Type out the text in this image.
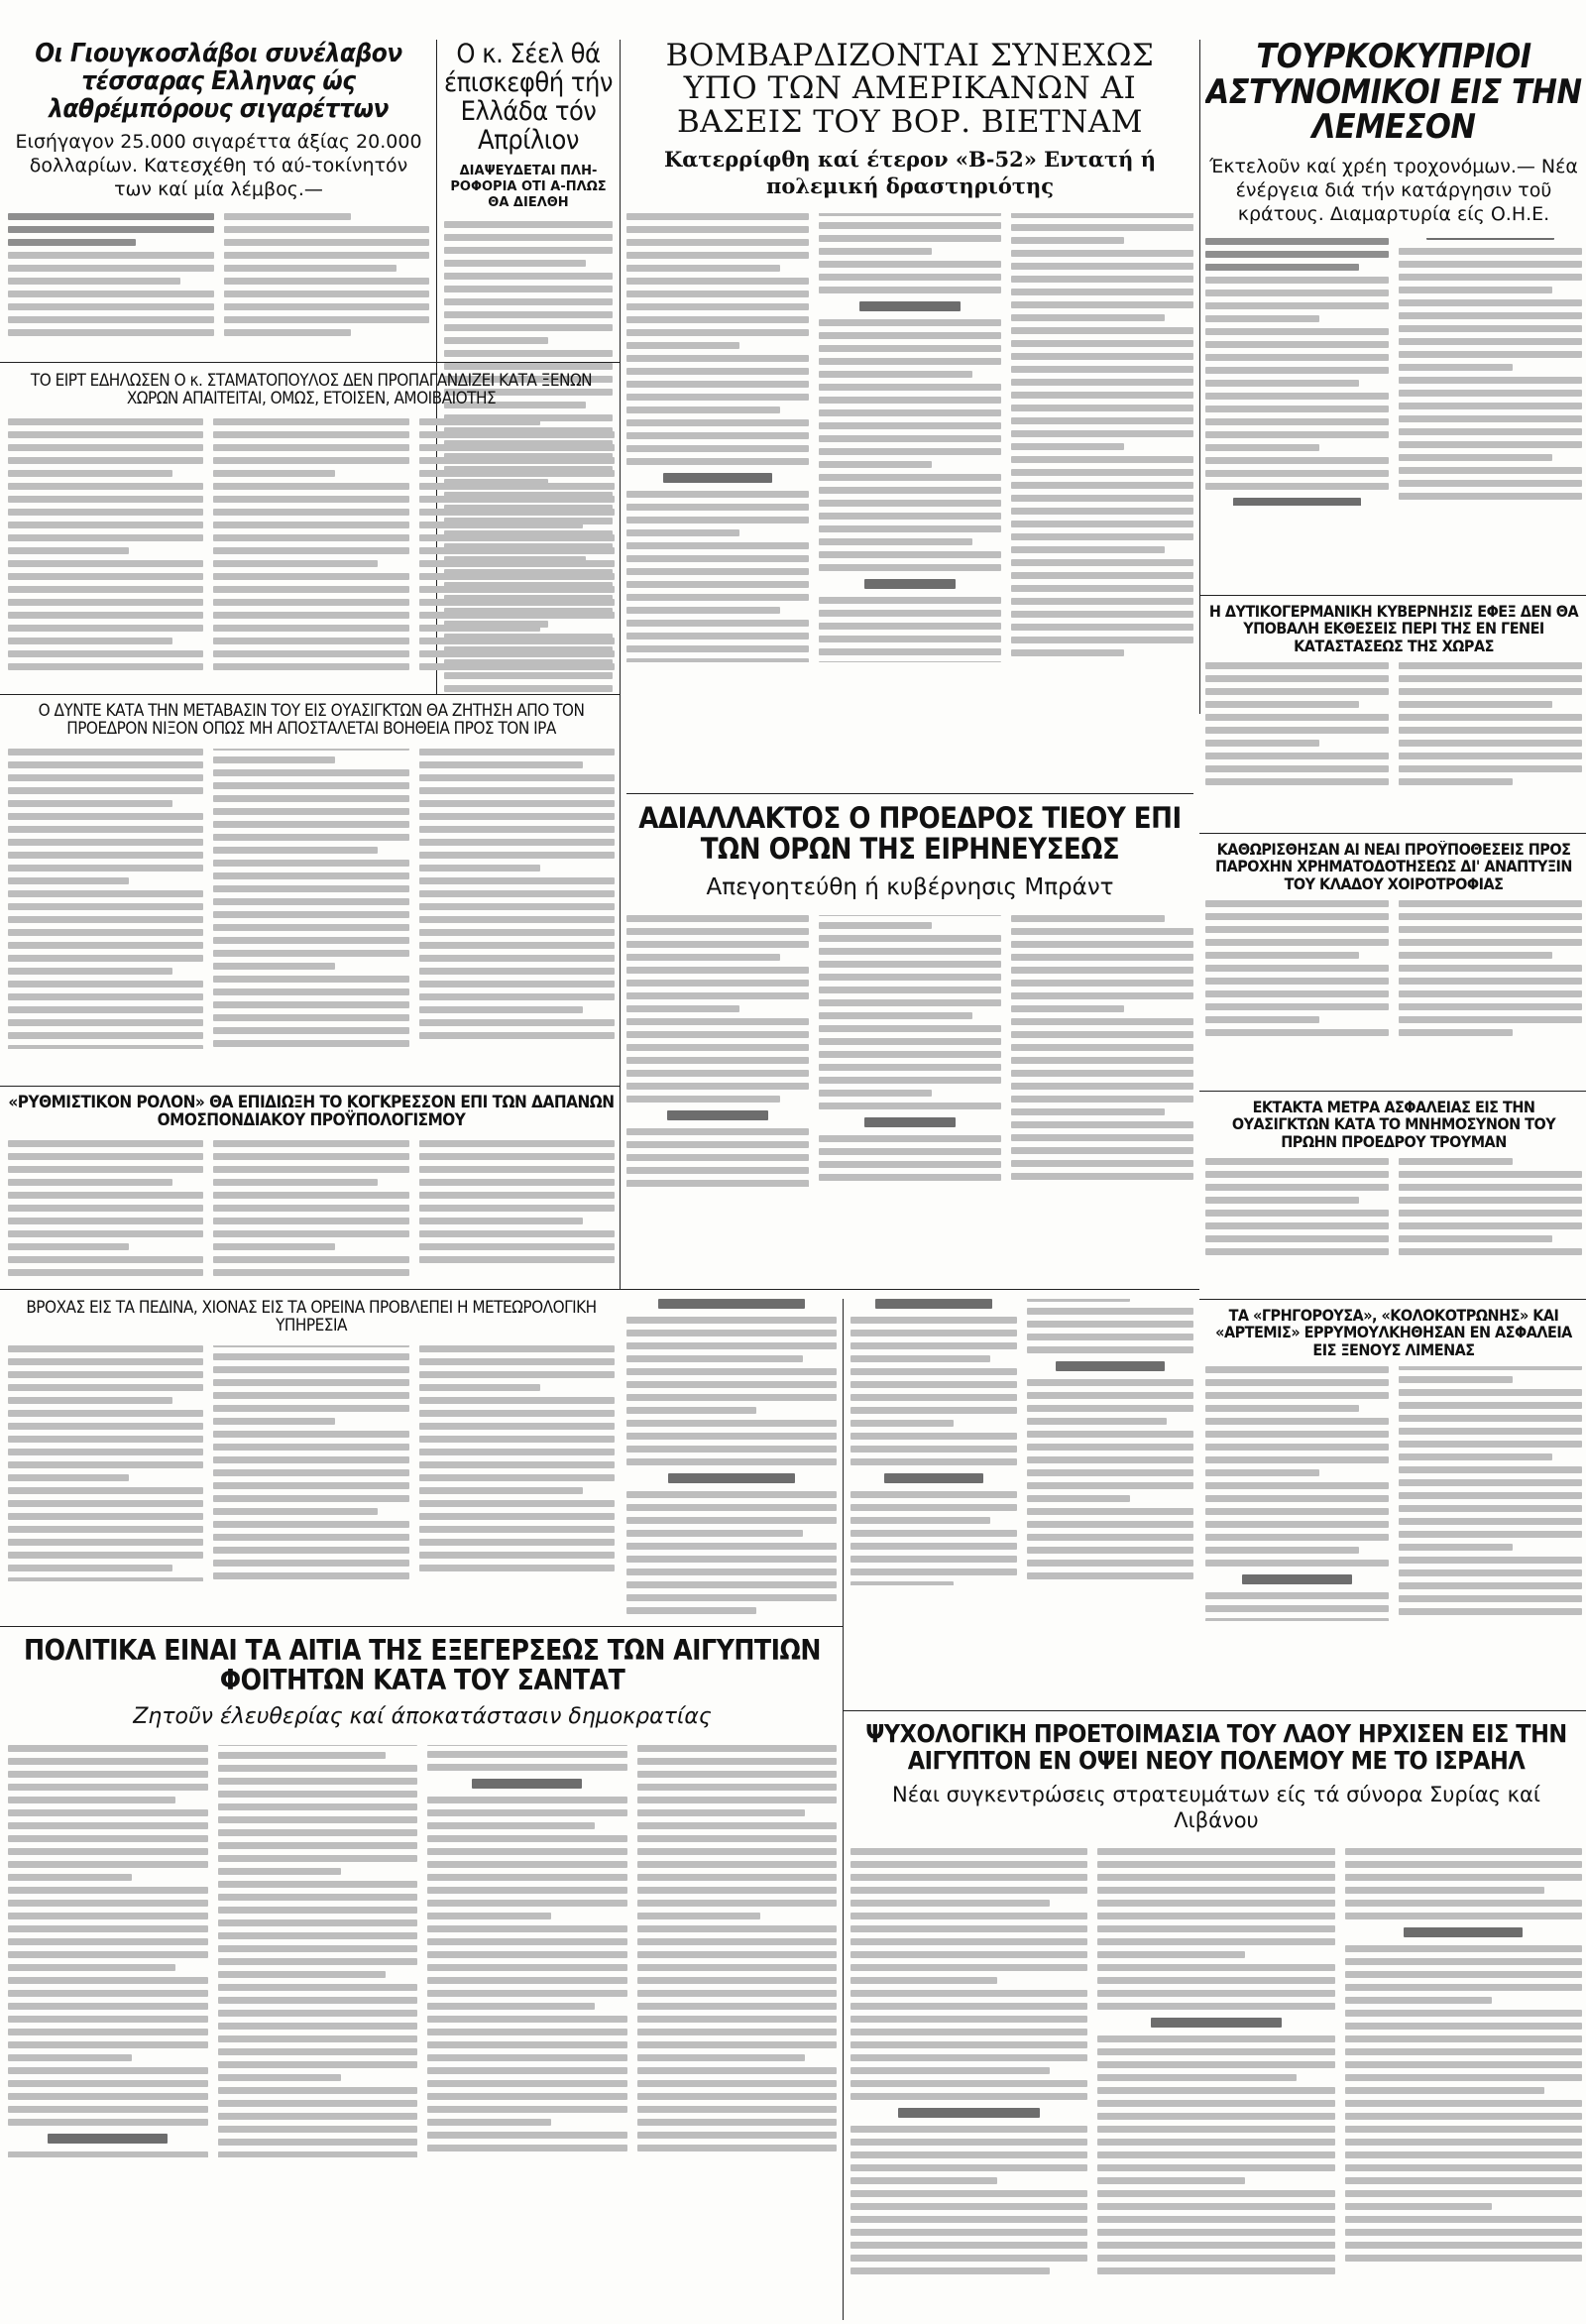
Οι Γιουγκοσλάβοι συνέλαβον τέσσαρας Ελληνας ώς λαθρέμπόρους σιγαρέττων

Εισήγαγον 25.000 σιγαρέττα άξίας 20.000 δολλαρίων. Κατεσχέθη τό αύ-τοκίνητόν των καί μία λέμβος.—

Ο κ. Σέελ θά έπισκεφθή τήν Ελλάδα τόν Απρίλιον

ΔΙΑΨΕΥΔΕΤΑΙ ΠΛΗ-ΡΟΦΟΡΙΑ ΟΤΙ Α-ΠΛΩΣ ΘΑ ΔΙΕΛΘΗ

ΒΟΜΒΑΡΔΙΖΟΝΤΑΙ ΣΥΝΕΧΩΣ ΥΠΟ ΤΩΝ ΑΜΕΡΙΚΑΝΩΝ ΑΙ ΒΑΣΕΙΣ ΤΟΥ ΒΟΡ. ΒΙΕΤΝΑΜ

Κατερρίφθη καί έτερον «Β-52» Εντατή ή πολεμική δραστηριότης

ΑΔΙΑΛΛΑΚΤΟΣ Ο ΠΡΟΕΔΡΟΣ ΤΙΕΟΥ ΕΠΙ ΤΩΝ ΟΡΩΝ ΤΗΣ ΕΙΡΗΝΕΥΣΕΩΣ

Απεγοητεύθη ή κυβέρνησις Μπράντ

ΤΟΥΡΚΟΚΥΠΡΙΟΙ ΑΣΤΥΝΟΜΙΚΟΙ ΕΙΣ ΤΗΝ ΛΕΜΕΣΟΝ

Έκτελοῦν καί χρέη τροχονόμων.— Νέα ένέργεια διά τήν κατάργησιν τοῦ κράτους. Διαμαρτυρία είς Ο.Η.Ε.

ΤΟ ΕΙΡΤ ΕΔΗΛΩΣΕΝ Ο κ. ΣΤΑΜΑΤΟΠΟΥΛΟΣ ΔΕΝ ΠΡΟΠΑΓΑΝΔΙΖΕΙ ΚΑΤΑ ΞΕΝΩΝ ΧΩΡΩΝ ΑΠΑΙΤΕΙΤΑΙ, ΟΜΩΣ, ΕΤΟΙΣΕΝ, ΑΜΟΙΒΑΙΟΤΗΣ
Ο ΔΥΝΤΕ ΚΑΤΑ ΤΗΝ ΜΕΤΑΒΑΣΙΝ ΤΟΥ ΕΙΣ ΟΥΑΣΙΓΚΤΩΝ ΘΑ ΖΗΤΗΣΗ ΑΠΟ ΤΟΝ ΠΡΟΕΔΡΟΝ ΝΙΞΟΝ ΟΠΩΣ ΜΗ ΑΠΟΣΤΑΛΕΤΑΙ ΒΟΗΘΕΙΑ ΠΡΟΣ ΤΟΝ ΙΡΑ
«ΡΥΘΜΙΣΤΙΚΟΝ ΡΟΛΟΝ» ΘΑ ΕΠΙΔΙΩΞΗ ΤΟ ΚΟΓΚΡΕΣΣΟΝ ΕΠΙ ΤΩΝ ΔΑΠΑΝΩΝ ΟΜΟΣΠΟΝΔΙΑΚΟΥ ΠΡΟΫΠΟΛΟΓΙΣΜΟΥ
Η ΔΥΤΙΚΟΓΕΡΜΑΝΙΚΗ ΚΥΒΕΡΝΗΣΙΣ ΕΦΕΞ ΔΕΝ ΘΑ ΥΠΟΒΑΛΗ ΕΚΘΕΣΕΙΣ ΠΕΡΙ ΤΗΣ ΕΝ ΓΕΝΕΙ ΚΑΤΑΣΤΑΣΕΩΣ ΤΗΣ ΧΩΡΑΣ
ΚΑΘΩΡΙΣΘΗΣΑΝ ΑΙ ΝΕΑΙ ΠΡΟΫΠΟΘΕΣΕΙΣ ΠΡΟΣ ΠΑΡΟΧΗΝ ΧΡΗΜΑΤΟΔΟΤΗΣΕΩΣ ΔΙ' ΑΝΑΠΤΥΞΙΝ ΤΟΥ ΚΛΑΔΟΥ ΧΟΙΡΟΤΡΟΦΙΑΣ
ΕΚΤΑΚΤΑ ΜΕΤΡΑ ΑΣΦΑΛΕΙΑΣ ΕΙΣ ΤΗΝ ΟΥΑΣΙΓΚΤΩΝ ΚΑΤΑ ΤΟ ΜΝΗΜΟΣΥΝΟΝ ΤΟΥ ΠΡΩΗΝ ΠΡΟΕΔΡΟΥ ΤΡΟΥΜΑΝ
ΒΡΟΧΑΣ ΕΙΣ ΤΑ ΠΕΔΙΝΑ, ΧΙΟΝΑΣ ΕΙΣ ΤΑ ΟΡΕΙΝΑ ΠΡΟΒΛΕΠΕΙ Η ΜΕΤΕΩΡΟΛΟΓΙΚΗ ΥΠΗΡΕΣΙΑ
ΠΟΛΙΤΙΚΑ ΕΙΝΑΙ ΤΑ ΑΙΤΙΑ ΤΗΣ ΕΞΕΓΕΡΣΕΩΣ ΤΩΝ ΑΙΓΥΠΤΙΩΝ ΦΟΙΤΗΤΩΝ ΚΑΤΑ ΤΟΥ ΣΑΝΤΑΤ

Ζητοῦν έλευθερίας καί άποκατάστασιν δημοκρατίας

ΤΑ «ΓΡΗΓΟΡΟΥΣΑ», «ΚΟΛΟΚΟΤΡΩΝΗΣ» ΚΑΙ «ΑΡΤΕΜΙΣ» ΕΡΡΥΜΟΥΛΚΗΘΗΣΑΝ ΕΝ ΑΣΦΑΛΕΙΑ ΕΙΣ ΞΕΝΟΥΣ ΛΙΜΕΝΑΣ
ΨΥΧΟΛΟΓΙΚΗ ΠΡΟΕΤΟΙΜΑΣΙΑ ΤΟΥ ΛΑΟΥ ΗΡΧΙΣΕΝ ΕΙΣ ΤΗΝ ΑΙΓΥΠΤΟΝ ΕΝ ΟΨΕΙ ΝΕΟΥ ΠΟΛΕΜΟΥ ΜΕ ΤΟ ΙΣΡΑΗΛ

Νέαι συγκεντρώσεις στρατευμάτων είς τά σύνορα Συρίας καί Λιβάνου
